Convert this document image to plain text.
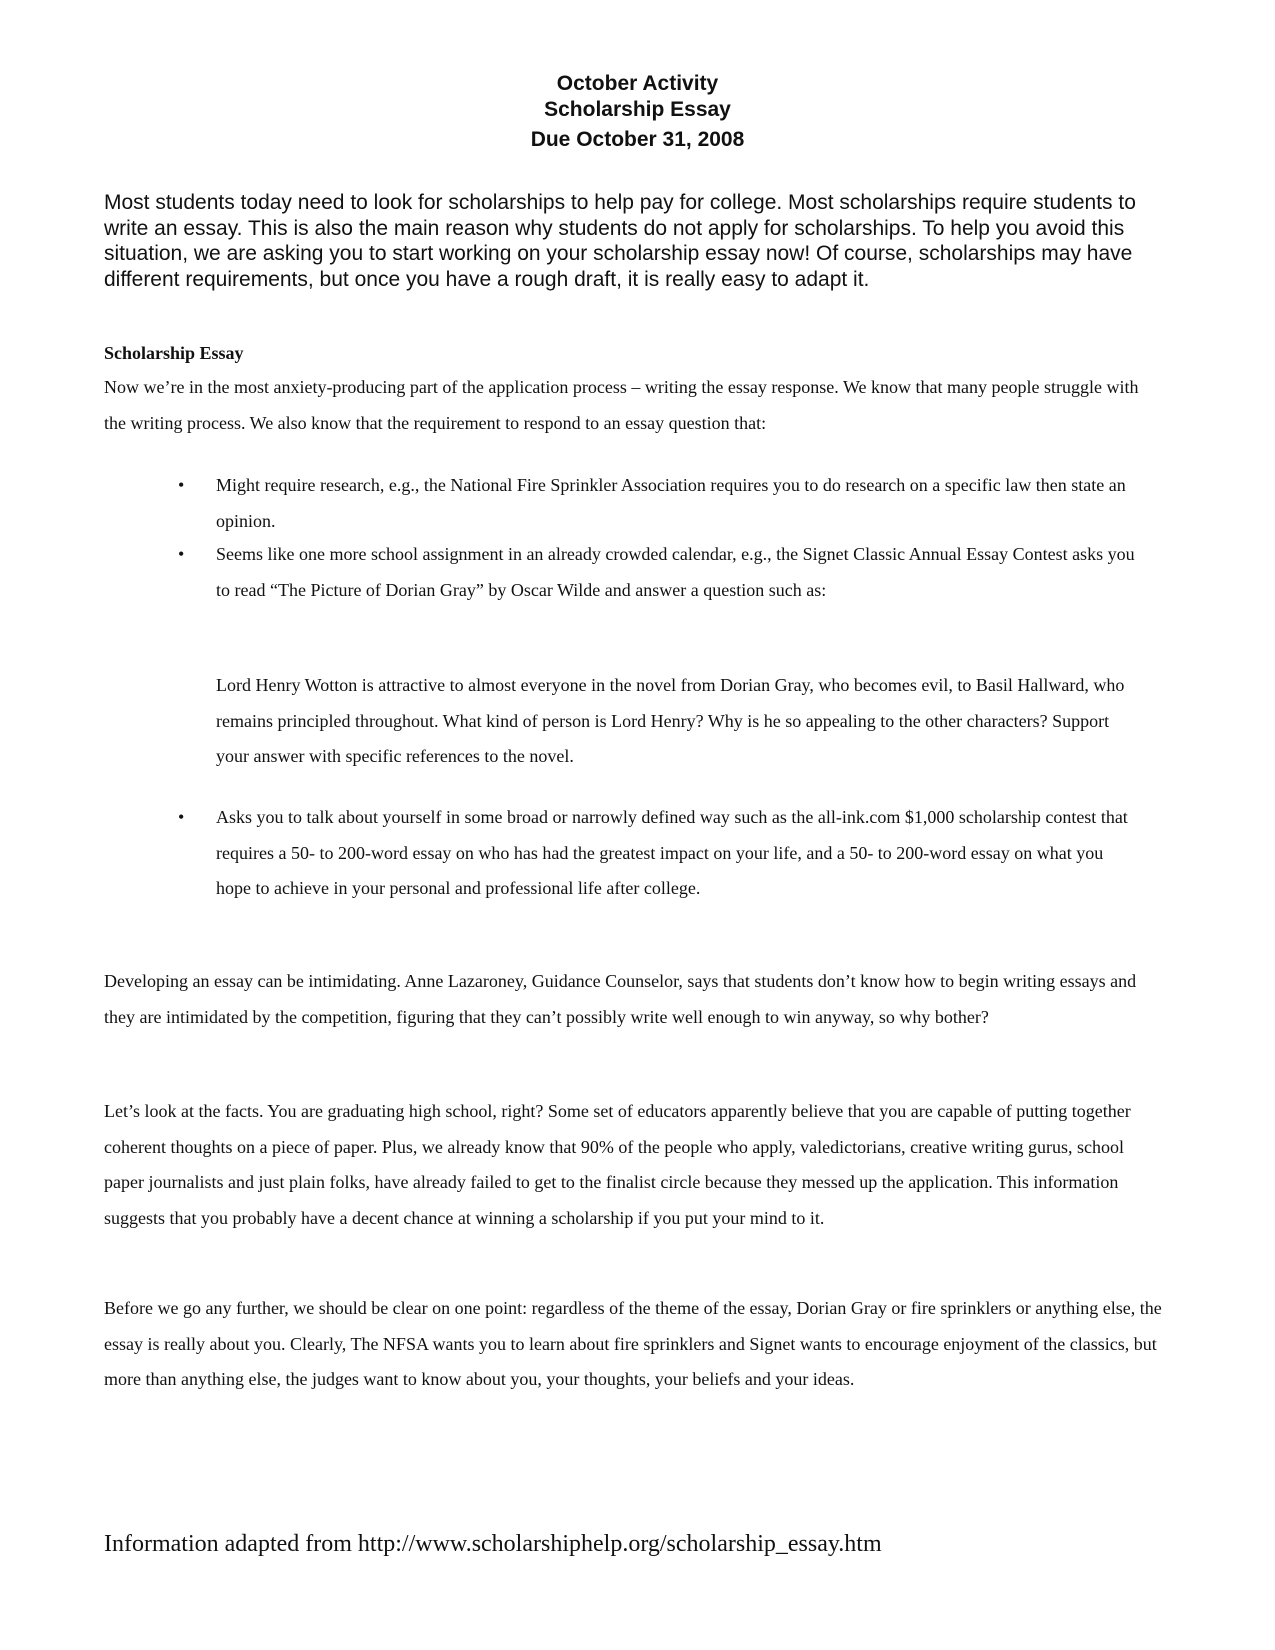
October Activity
Scholarship Essay
Due October 31, 2008

Most students today need to look for scholarships to help pay for college. Most scholarships require students to write an essay. This is also the main reason why students do not apply for scholarships. To help you avoid this situation, we are asking you to start working on your scholarship essay now! Of course, scholarships may have different requirements, but once you have a rough draft, it is really easy to adapt it.

Scholarship Essay

Now we’re in the most anxiety-producing part of the application process – writing the essay response. We know that many people struggle with the writing process. We also know that the requirement to respond to an essay question that:

• Might require research, e.g., the National Fire Sprinkler Association requires you to do research on a specific law then state an opinion.

• Seems like one more school assignment in an already crowded calendar, e.g., the Signet Classic Annual Essay Contest asks you to read “The Picture of Dorian Gray” by Oscar Wilde and answer a question such as:

Lord Henry Wotton is attractive to almost everyone in the novel from Dorian Gray, who becomes evil, to Basil Hallward, who remains principled throughout. What kind of person is Lord Henry? Why is he so appealing to the other characters? Support your answer with specific references to the novel.

• Asks you to talk about yourself in some broad or narrowly defined way such as the all-ink.com $1,000 scholarship contest that requires a 50- to 200-word essay on who has had the greatest impact on your life, and a 50- to 200-word essay on what you hope to achieve in your personal and professional life after college.

Developing an essay can be intimidating. Anne Lazaroney, Guidance Counselor, says that students don’t know how to begin writing essays and they are intimidated by the competition, figuring that they can’t possibly write well enough to win anyway, so why bother?

Let’s look at the facts. You are graduating high school, right? Some set of educators apparently believe that you are capable of putting together coherent thoughts on a piece of paper. Plus, we already know that 90% of the people who apply, valedictorians, creative writing gurus, school paper journalists and just plain folks, have already failed to get to the finalist circle because they messed up the application. This information suggests that you probably have a decent chance at winning a scholarship if you put your mind to it.

Before we go any further, we should be clear on one point: regardless of the theme of the essay, Dorian Gray or fire sprinklers or anything else, the essay is really about you. Clearly, The NFSA wants you to learn about fire sprinklers and Signet wants to encourage enjoyment of the classics, but more than anything else, the judges want to know about you, your thoughts, your beliefs and your ideas.

Information adapted from http://www.scholarshiphelp.org/scholarship_essay.htm
